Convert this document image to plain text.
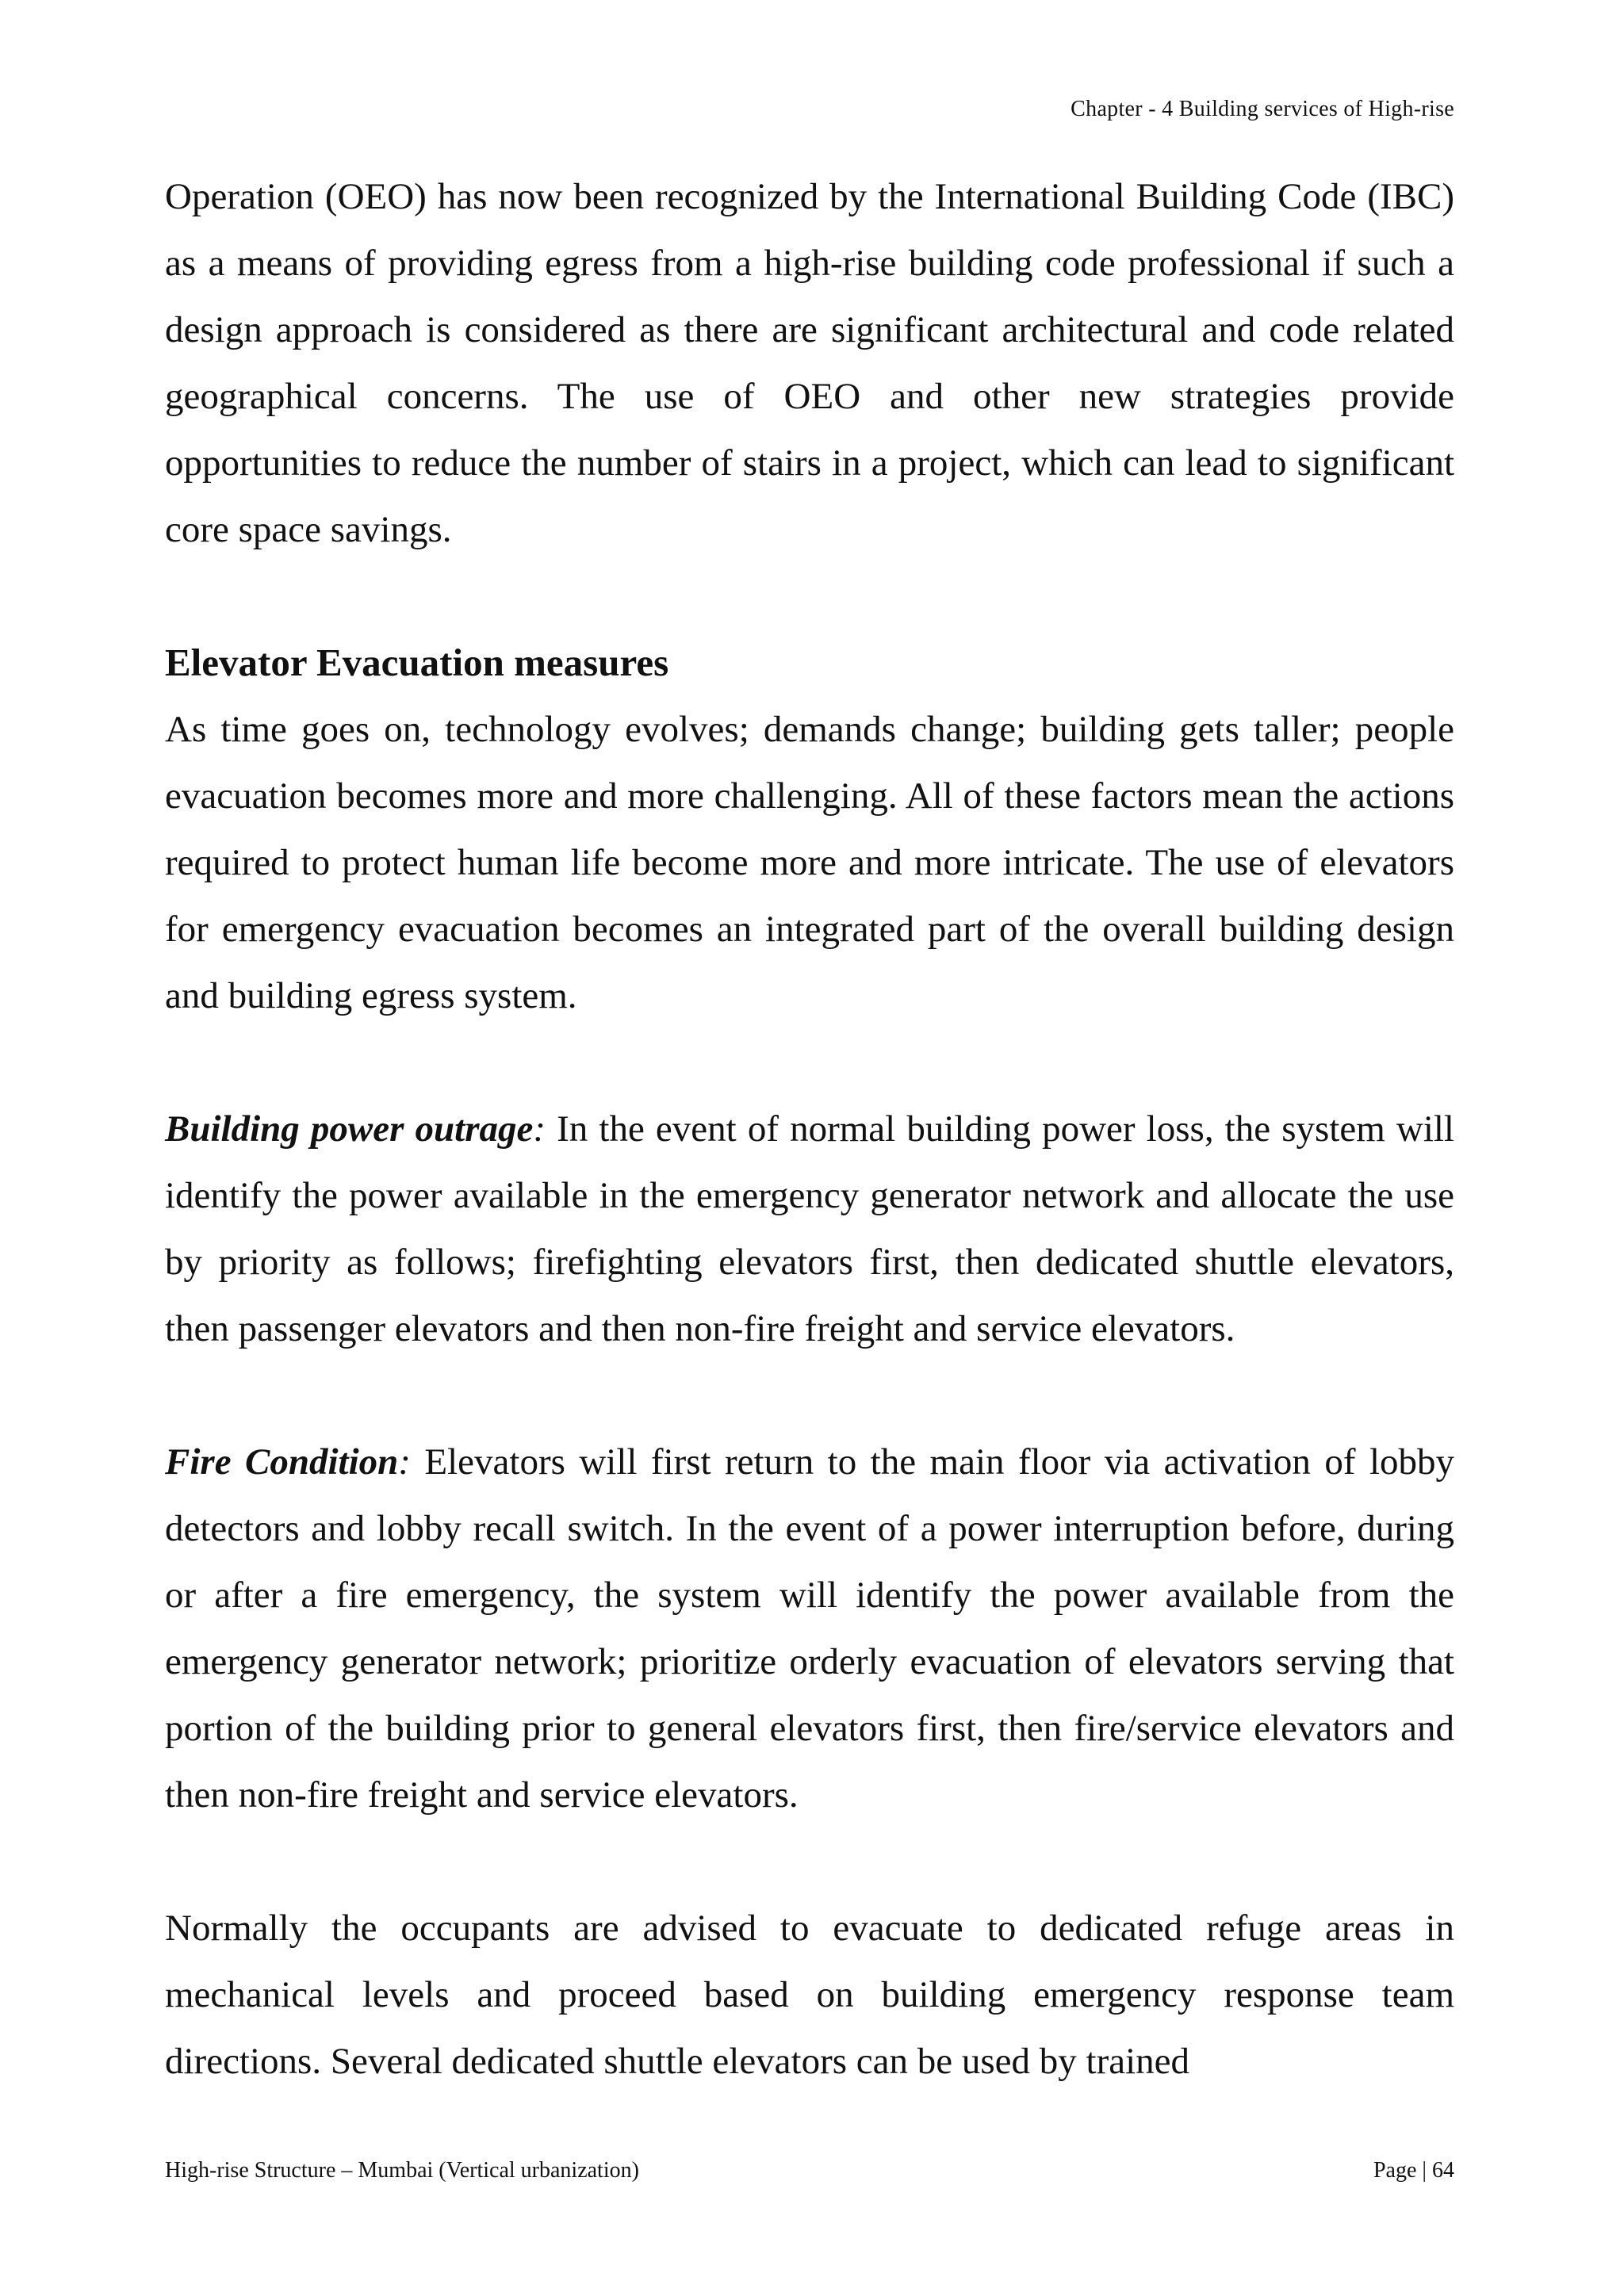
Chapter - 4 Building services of High-rise

Operation (OEO) has now been recognized by the International Building Code (IBC) as a means of providing egress from a high-rise building code professional if such a design approach is considered as there are significant architectural and code related geographical concerns. The use of OEO and other new strategies provide opportunities to reduce the number of stairs in a project, which can lead to significant core space savings.

Elevator Evacuation measures

As time goes on, technology evolves; demands change; building gets taller; people evacuation becomes more and more challenging. All of these factors mean the actions required to protect human life become more and more intricate. The use of elevators for emergency evacuation becomes an integrated part of the overall building design and building egress system.

Building power outrage: In the event of normal building power loss, the system will identify the power available in the emergency generator network and allocate the use by priority as follows; firefighting elevators first, then dedicated shuttle elevators, then passenger elevators and then non-fire freight and service elevators.

Fire Condition: Elevators will first return to the main floor via activation of lobby detectors and lobby recall switch. In the event of a power interruption before, during or after a fire emergency, the system will identify the power available from the emergency generator network; prioritize orderly evacuation of elevators serving that portion of the building prior to general elevators first, then fire/service elevators and then non-fire freight and service elevators.

Normally the occupants are advised to evacuate to dedicated refuge areas in mechanical levels and proceed based on building emergency response team directions. Several dedicated shuttle elevators can be used by trained

High-rise Structure – Mumbai (Vertical urbanization)	Page | 64
